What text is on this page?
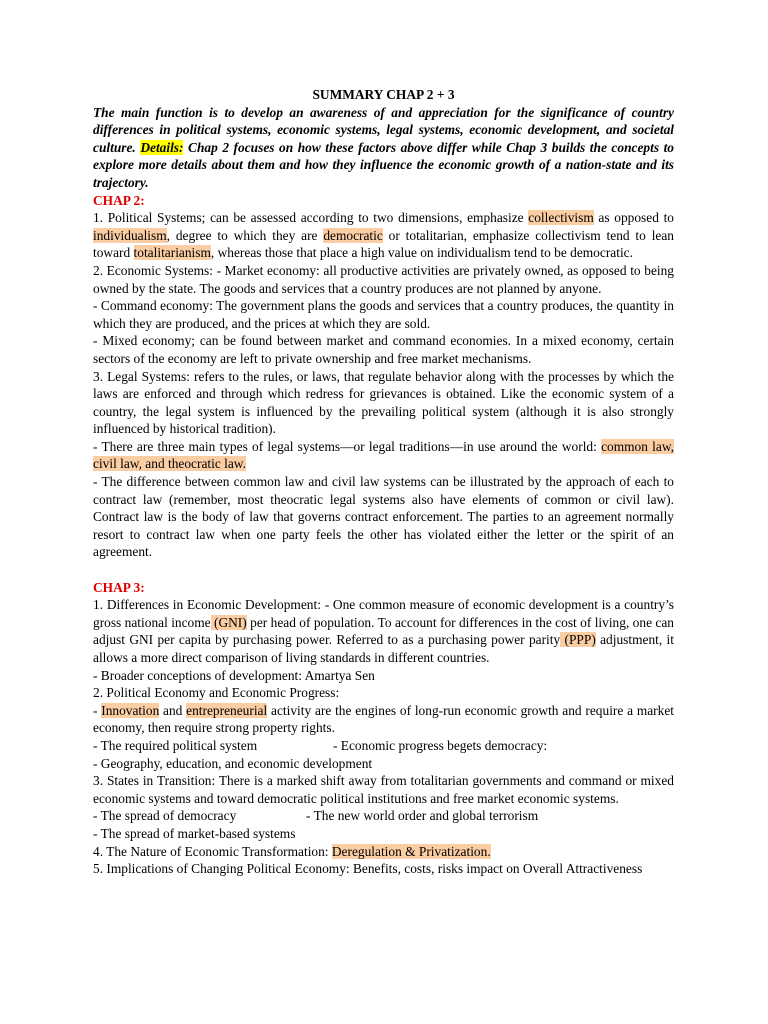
SUMMARY CHAP 2 + 3

The main function is to develop an awareness of and appreciation for the significance of country differences in political systems, economic systems, legal systems, economic development, and societal culture. Details: Chap 2 focuses on how these factors above differ while Chap 3 builds the concepts to explore more details about them and how they influence the economic growth of a nation-state and its trajectory.

CHAP 2:

1. Political Systems; can be assessed according to two dimensions, emphasize collectivism as opposed to individualism, degree to which they are democratic or totalitarian, emphasize collectivism tend to lean toward totalitarianism, whereas those that place a high value on individualism tend to be democratic.

2. Economic Systems: - Market economy: all productive activities are privately owned, as opposed to being owned by the state. The goods and services that a country produces are not planned by anyone.

- Command economy: The government plans the goods and services that a country produces, the quantity in which they are produced, and the prices at which they are sold.

- Mixed economy; can be found between market and command economies. In a mixed economy, certain sectors of the economy are left to private ownership and free market mechanisms.

3. Legal Systems: refers to the rules, or laws, that regulate behavior along with the processes by which the laws are enforced and through which redress for grievances is obtained. Like the economic system of a country, the legal system is influenced by the prevailing political system (although it is also strongly influenced by historical tradition).

- There are three main types of legal systems—or legal traditions—in use around the world: common law, civil law, and theocratic law.

- The difference between common law and civil law systems can be illustrated by the approach of each to contract law (remember, most theocratic legal systems also have elements of common or civil law). Contract law is the body of law that governs contract enforcement. The parties to an agreement normally resort to contract law when one party feels the other has violated either the letter or the spirit of an agreement.

CHAP 3:

1. Differences in Economic Development: - One common measure of economic development is a country’s gross national income (GNI) per head of population. To account for differences in the cost of living, one can adjust GNI per capita by purchasing power. Referred to as a purchasing power parity (PPP) adjustment, it allows a more direct comparison of living standards in different countries.

- Broader conceptions of development: Amartya Sen

2. Political Economy and Economic Progress:

- Innovation and entrepreneurial activity are the engines of long-run economic growth and require a market economy, then require strong property rights.

- The required political system	- Economic progress begets democracy:

- Geography, education, and economic development

3. States in Transition: There is a marked shift away from totalitarian governments and command or mixed economic systems and toward democratic political institutions and free market economic systems.

- The spread of democracy	- The new world order and global terrorism

- The spread of market-based systems

4. The Nature of Economic Transformation: Deregulation & Privatization.

5. Implications of Changing Political Economy: Benefits, costs, risks impact on Overall Attractiveness
